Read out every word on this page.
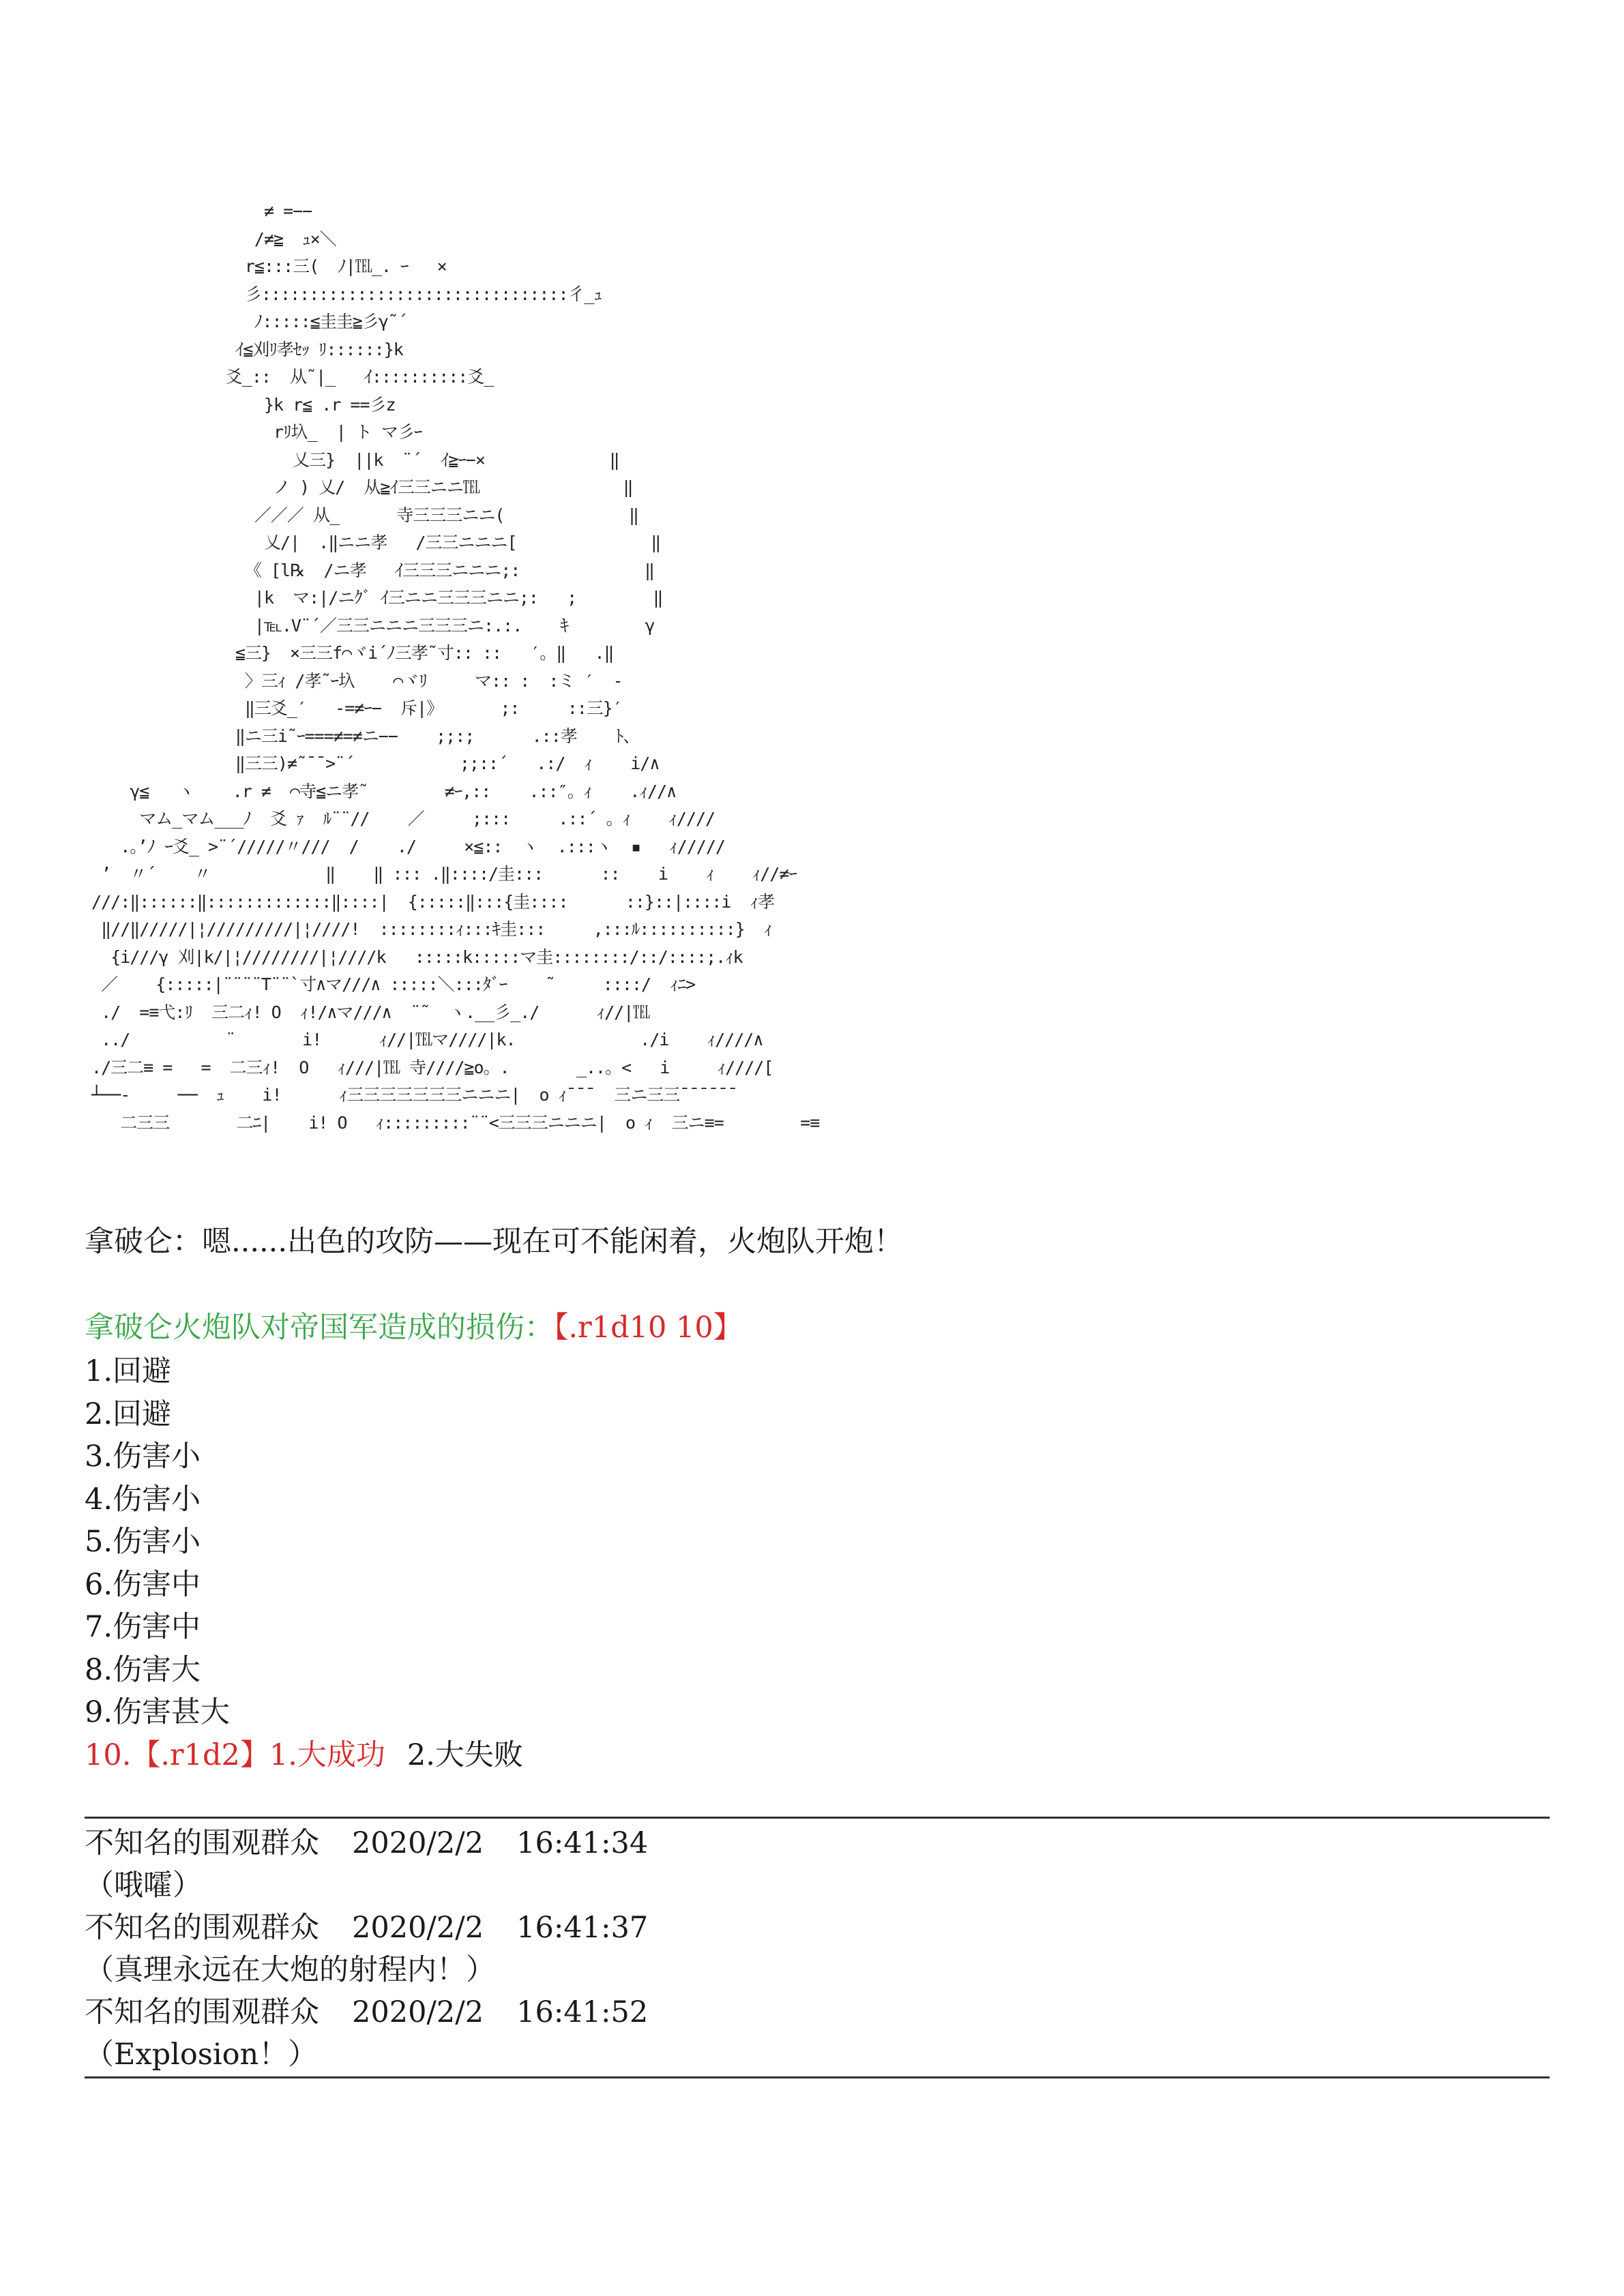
≠ =−−
/≠≧  ｭ×＼
r≦:::三(  ﾉ|℡_. ｰ   ×
彡::::::::::::::::::::::::::::::::彳_ｭ
ﾉ:::::≦圭圭≧彡γ˜´
ｲ≦刈ﾘ孝ｾｯ ﾘ::::::}k
爻_::  从˜|_   ｲ::::::::::爻_
}k r≦ .r ==彡z
rﾘ圦_  | ト マ彡ｰ
乂三}  ||k  ¨´  ｲ≧ｰ−×             ‖
ノ ) 乂/  从≧ｲ三三ニニ℡               ‖
／／／ 从_      寺三三三ニニ(             ‖
乂/|  .‖ニニ孝   /三三ニニニ[              ‖
《 [l℞  /ニ孝   ｲ三三三ニニニ;:             ‖
|k  マ:|/ニｸﾞ ｲ三ニニ三三三ニニ;:   ;        ‖
|℡.V¨´／三三ニニニ三三三ニ:.:.    ｷ        γ
≦三}  ×三三f⌒ヾi´ﾉ三孝˜寸:: ::   ′。‖   .‖
〉三ｨ /孝˜ｰ圦    ⌒ヾﾘ     マ:: :  :ミ ′  ‐
‖三爻_′   -=≠ｰ−  斥|》      ;:     ::三}′
‖ニ三i˜ｰ===≠=≠ニ−−    ;;:;      .::孝    ﾄ、
‖三三)≠˜¯¯>¨´           ;;::´   .:/  ｨ    i/∧
γ≦   ヽ    .r ≠  ⌒寺≦ニ孝˜        ≠ｰ,::    .::″。ｨ    .ｨ//∧
マム_マム___ﾉ  爻 ｧ  ﾙ¨¨//    ／     ;:::     .::´ 。ｨ    ｨ////
.。’ﾉ ｰ爻_ >¨´/////〃///  /    ./     ×≦::  ヽ  .:::ヽ  ▪   ｨ/////
’  〃´    〃            ‖    ‖ ::: .‖::::/圭:::      ::    i    ｨ    ｨ//≠ｰ
///:‖::::::‖:::::::::::::‖::::|  {:::::‖:::{圭::::      ::}::|::::i  ｨ孝
‖//‖/////|¦/////////|¦////!  ::::::::ｨ:::ｷ圭:::     ,:::ﾙ::::::::::}  ｨ
{i///γ 刈|k/|¦////////|¦////k   :::::k:::::マ圭::::::::/::/::::;.ｨk
／    {:::::|¨¨¨¨T¨¨`寸∧マ///∧ :::::＼:::ﾀﾞｰ    ˜     ::::/  ｨﾆ>
./  =≡弋:ﾘ  三二ｨ! O  ｨ!/∧マ///∧  ¨˜  ヽ.__彡_./      ｨ//|℡
../          ¨       i!      ｨ//|℡マ////|k.             ./i    ｨ////∧
./三二≡ =   =  二三ｨ!  O   ｨ///|℡ 寺////≧o。.       _..。<   i     ｨ////[
┴──-     ──  ｭ    i!      ｨ三三三三三三三ニニニ|  o ｨ¯¯¯  三ニ三三¯¯¯¯¯¯
二三三       二ﾆ|    i! O   ｨ:::::::::¨¨<三三三ニニニ|  o ｨ  三ニ≡=        =≡
拿破仑：嗯......出色的攻防——现在可不能闲着，火炮队开炮！
拿破仑火炮队对帝国军造成的损伤：【.r1d10 10】
1.回避
2.回避
3.伤害小
4.伤害小
5.伤害小
6.伤害中
7.伤害中
8.伤害大
9.伤害甚大
10.【.r1d2】1.大成功 2.大失败
不知名的围观群众 2020/2/2 16:41:34
（哦嚯）
不知名的围观群众 2020/2/2 16:41:37
（真理永远在大炮的射程内！）
不知名的围观群众 2020/2/2 16:41:52
（Explosion！）
